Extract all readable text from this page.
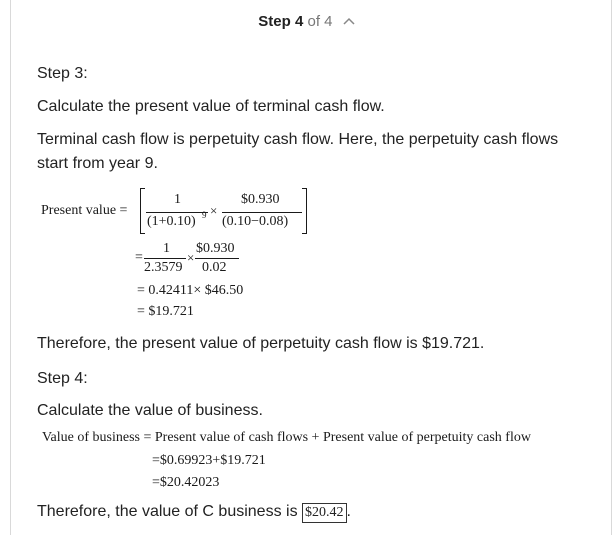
Step 4 of 4
Step 3:
Calculate the present value of terminal cash flow.
Terminal cash flow is perpetuity cash flow. Here, the perpetuity cash flows
start from year 9.
Present value =
1
(1+0.10) 9 ×
$0.930
(0.10−0.08)
=
1
2.3579
×
$0.930
0.02
= 0.42411× $46.50
= $19.721
Therefore, the present value of perpetuity cash flow is $19.721.
Step 4:
Calculate the value of business.
Value of business = Present value of cash flows + Present value of perpetuity cash flow
=$0.69923+$19.721
=$20.42023
Therefore, the value of C business is $20.42 .
